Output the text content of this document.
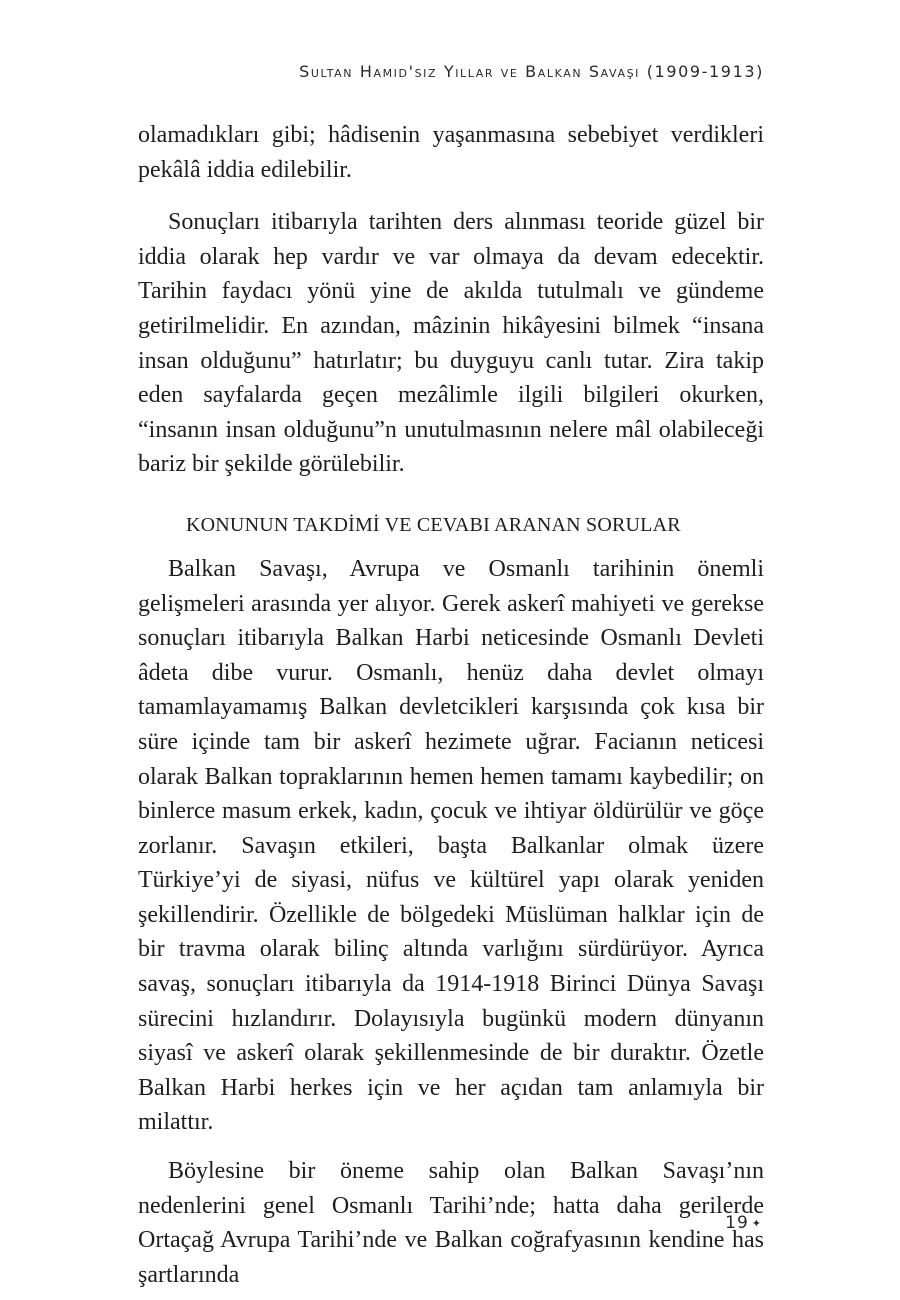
Sultan Hamid'siz Yıllar ve Balkan Savaşı (1909-1913)

olamadıkları gibi; hâdisenin yaşanmasına sebebiyet verdikleri pekâlâ iddia edilebilir.

Sonuçları itibarıyla tarihten ders alınması teoride güzel bir iddia olarak hep vardır ve var olmaya da devam edecektir. Tarihin faydacı yönü yine de akılda tutulmalı ve gündeme getirilmelidir. En azından, mâzinin hikâyesini bilmek “insana insan olduğunu” hatırlatır; bu duyguyu canlı tutar. Zira takip eden sayfalarda geçen mezâlimle ilgili bilgileri okurken, “insanın insan olduğunu”n unutulmasının nelere mâl olabileceği bariz bir şekilde görülebilir.

KONUNUN TAKDİMİ VE CEVABI ARANAN SORULAR

Balkan Savaşı, Avrupa ve Osmanlı tarihinin önemli gelişmeleri arasında yer alıyor. Gerek askerî mahiyeti ve gerekse sonuçları itibarıyla Balkan Harbi neticesinde Osmanlı Devleti âdeta dibe vurur. Osmanlı, henüz daha devlet olmayı tamamlayamamış Balkan devletcikleri karşısında çok kısa bir süre içinde tam bir askerî hezimete uğrar. Facianın neticesi olarak Balkan topraklarının hemen hemen tamamı kaybedilir; on binlerce masum erkek, kadın, çocuk ve ihtiyar öldürülür ve göçe zorlanır. Savaşın etkileri, başta Balkanlar olmak üzere Türkiye’yi de siyasi, nüfus ve kültürel yapı olarak yeniden şekillendirir. Özellikle de bölgedeki Müslüman halklar için de bir travma olarak bilinç altında varlığını sürdürüyor. Ayrıca savaş, sonuçları itibarıyla da 1914-1918 Birinci Dünya Savaşı sürecini hızlandırır. Dolayısıyla bugünkü modern dünyanın siyasî ve askerî olarak şekillenmesinde de bir duraktır. Özetle Balkan Harbi herkes için ve her açıdan tam anlamıyla bir milattır.

Böylesine bir öneme sahip olan Balkan Savaşı’nın nedenlerini genel Osmanlı Tarihi’nde; hatta daha gerilerde Ortaçağ Avrupa Tarihi’nde ve Balkan coğrafyasının kendine has şartlarında

19 ✦
